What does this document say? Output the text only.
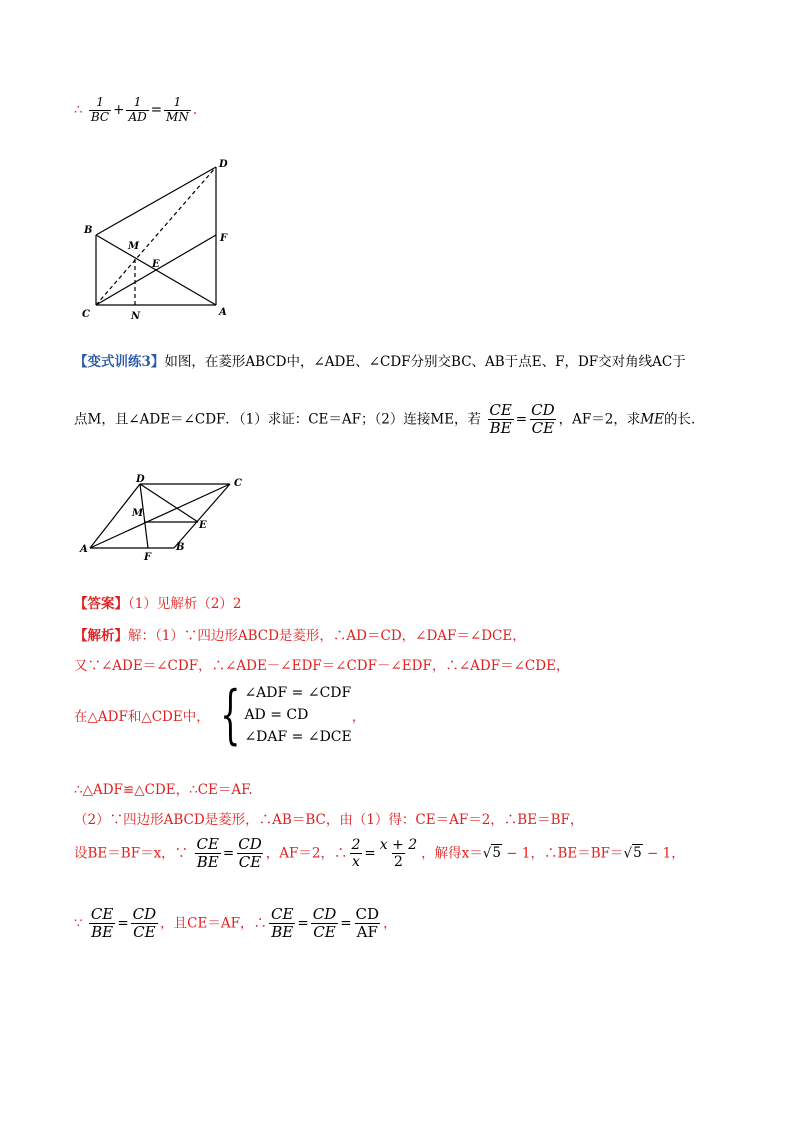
∴ $\frac{1}{BC} + \frac{1}{AD} = \frac{1}{MN}$ .
D
B
M
F
E
C	N	A
【变式训练3】如图，在菱形ABCD中，∠ADE、∠CDF分别交BC、AB于点E、F，DF交对角线AC于
点M，且∠ADE＝∠CDF．（1）求证：CE＝AF；（2）连接ME，若 $\frac{CE}{BE} = \frac{CD}{CE}$ ，AF＝2，求ME的长．
D	C
M
E
A
F
B
【答案】（1）见解析（2）2
【解析】解：（1）∵四边形ABCD是菱形，∴AD＝CD，∠DAF＝∠DCE，
又∵∠ADE＝∠CDF，∴∠ADE－∠EDF＝∠CDF－∠EDF，∴∠ADF＝∠CDE，
在△ADF和△CDE中， { ∠ADF = ∠CDF
AD = CD
∠DAF = ∠DCE
，
∴△ADF≌△CDE，∴CE＝AF.
（2）∵四边形ABCD是菱形，∴AB＝BC，由（1）得：CE＝AF＝2，∴BE＝BF，
设BE＝BF＝x，∵ $\frac{CE}{BE} = \frac{CD}{CE}$ ，AF＝2，∴ $\frac{2}{x} = \frac{x + 2}{2}$ ，解得x＝√5 − 1，∴BE＝BF＝√5 − 1，
∵ $\frac{CE}{BE} = \frac{CD}{CE}$ ，且CE＝AF，∴ $\frac{CE}{BE} = \frac{CD}{CE} = \frac{CD}{AF}$ ，
